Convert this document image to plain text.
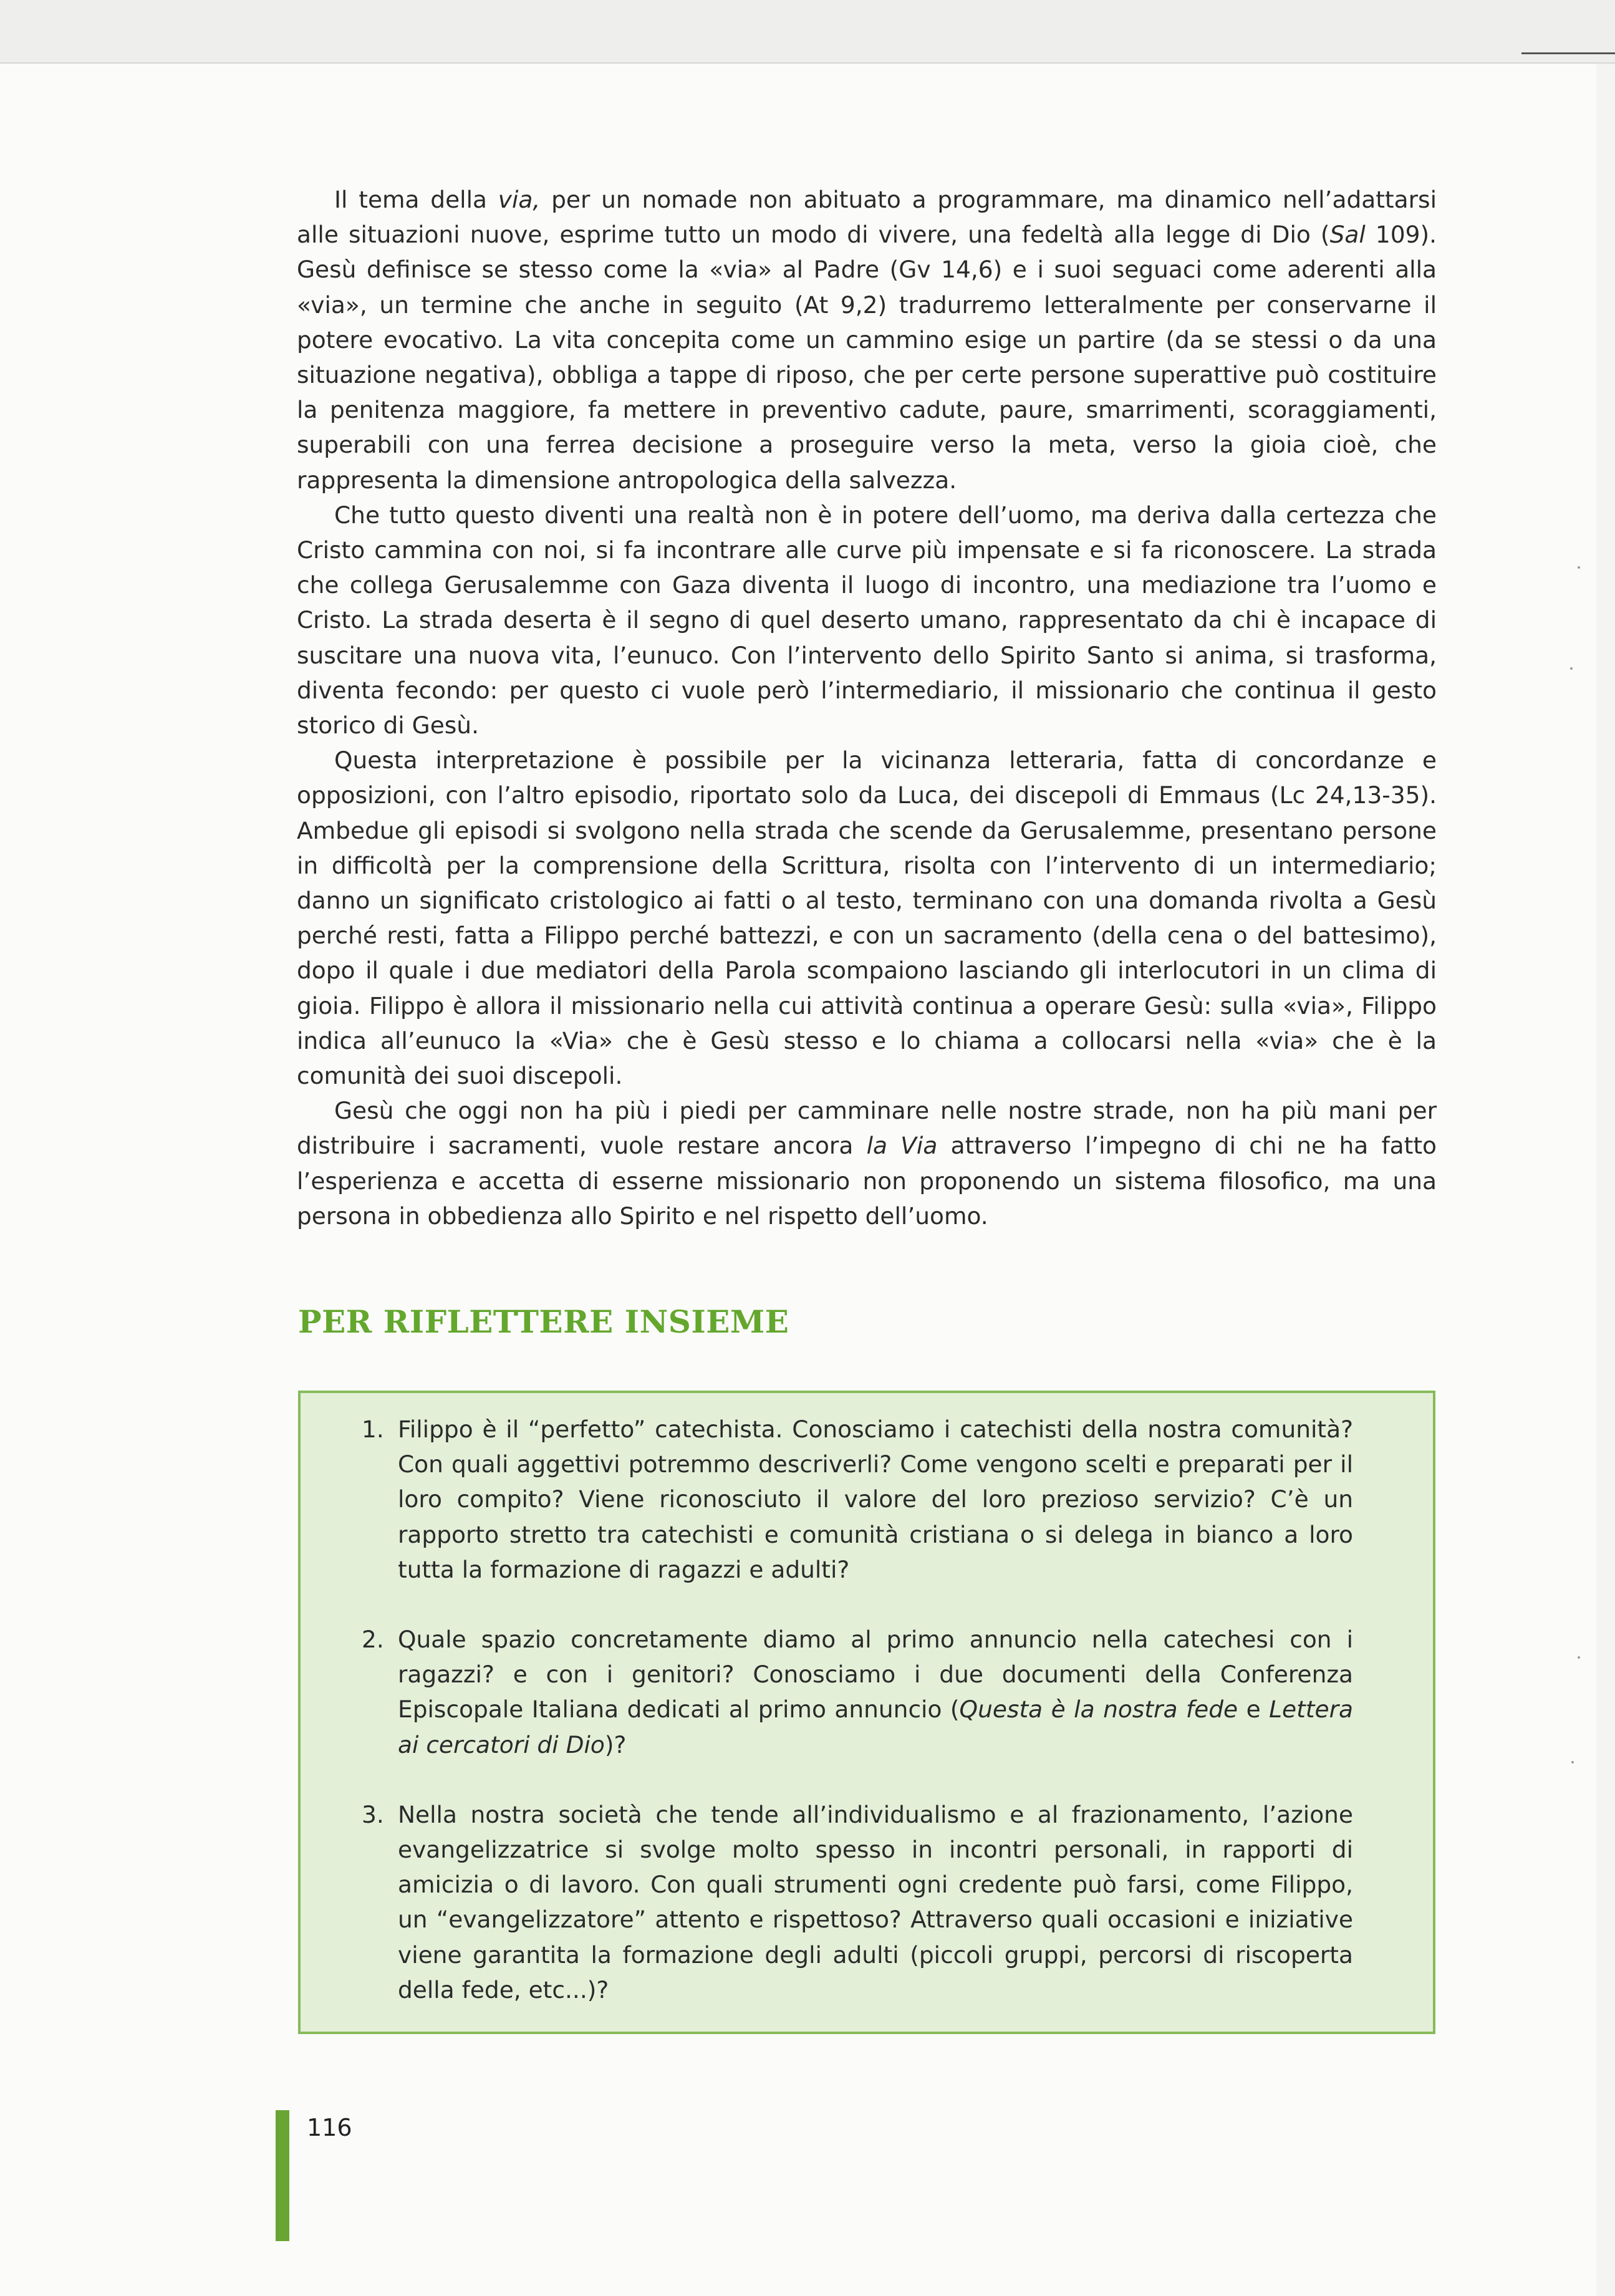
Il tema della via, per un nomade non abituato a programmare, ma dinamico nell’adattarsi alle situazioni nuove, esprime tutto un modo di vivere, una fedeltà alla legge di Dio (Sal 109). Gesù definisce se stesso come la «via» al Padre (Gv 14,6) e i suoi seguaci come aderenti alla «via», un termine che anche in seguito (At 9,2) tradurremo letteralmente per conservarne il potere evocativo. La vita concepita come un cammino esige un partire (da se stessi o da una situazione negativa), obbliga a tappe di riposo, che per certe persone superattive può costituire la penitenza maggiore, fa mettere in preventivo cadute, paure, smarrimenti, scoraggiamenti, superabili con una ferrea decisione a proseguire verso la meta, verso la gioia cioè, che rappresenta la dimensione antropologica della salvezza.

Che tutto questo diventi una realtà non è in potere dell’uomo, ma deriva dalla certezza che Cristo cammina con noi, si fa incontrare alle curve più impensate e si fa riconoscere. La strada che collega Gerusalemme con Gaza diventa il luogo di incontro, una mediazione tra l’uomo e Cristo. La strada deserta è il segno di quel deserto umano, rappresentato da chi è incapace di suscitare una nuova vita, l’eunuco. Con l’intervento dello Spirito Santo si anima, si trasforma, diventa fecondo: per questo ci vuole però l’intermediario, il missionario che continua il gesto storico di Gesù.

Questa interpretazione è possibile per la vicinanza letteraria, fatta di concordanze e opposizioni, con l’altro episodio, riportato solo da Luca, dei discepoli di Emmaus (Lc 24,13-35). Ambedue gli episodi si svolgono nella strada che scende da Gerusalemme, presentano persone in difficoltà per la comprensione della Scrittura, risolta con l’intervento di un intermediario; danno un significato cristologico ai fatti o al testo, terminano con una domanda rivolta a Gesù perché resti, fatta a Filippo perché battezzi, e con un sacramento (della cena o del battesimo), dopo il quale i due mediatori della Parola scompaiono lasciando gli interlocutori in un clima di gioia. Filippo è allora il missionario nella cui attività continua a operare Gesù: sulla «via», Filippo indica all’eunuco la «Via» che è Gesù stesso e lo chiama a collocarsi nella «via» che è la comunità dei suoi discepoli.

Gesù che oggi non ha più i piedi per camminare nelle nostre strade, non ha più mani per distribuire i sacramenti, vuole restare ancora la Via attraverso l’impegno di chi ne ha fatto l’esperienza e accetta di esserne missionario non proponendo un sistema filosofico, ma una persona in obbedienza allo Spirito e nel rispetto dell’uomo.

PER RIFLETTERE INSIEME
1. Filippo è il “perfetto” catechista. Conosciamo i catechisti della nostra comunità? Con quali aggettivi potremmo descriverli? Come vengono scelti e preparati per il loro compito? Viene riconosciuto il valore del loro prezioso servizio? C’è un rapporto stretto tra catechisti e comunità cristiana o si delega in bianco a loro tutta la formazione di ragazzi e adulti?
2. Quale spazio concretamente diamo al primo annuncio nella catechesi con i ragazzi? e con i genitori? Conosciamo i due documenti della Conferenza Episcopale Italiana dedicati al primo annuncio (Questa è la nostra fede e Lettera ai cercatori di Dio)?
3. Nella nostra società che tende all’individualismo e al frazionamento, l’azione evangelizzatrice si svolge molto spesso in incontri personali, in rapporti di amicizia o di lavoro. Con quali strumenti ogni credente può farsi, come Filippo, un “evangelizzatore” attento e rispettoso? Attraverso quali occasioni e iniziative viene garantita la formazione degli adulti (piccoli gruppi, percorsi di riscoperta della fede, etc...)?
116
